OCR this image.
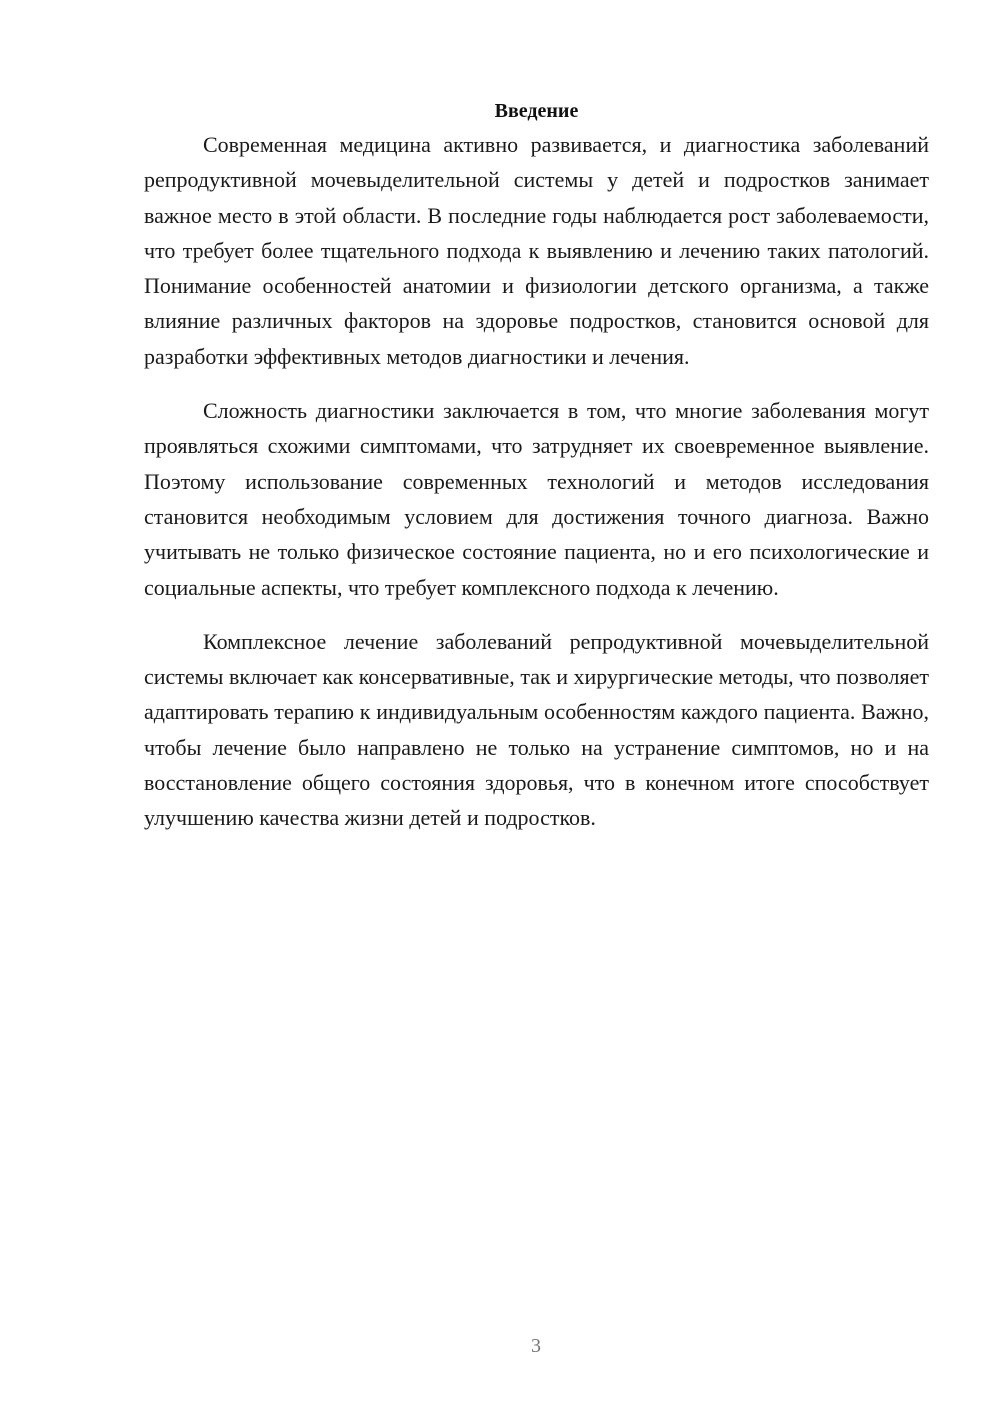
Введение

Современная медицина активно развивается, и диагностика заболеваний репродуктивной мочевыделительной системы у детей и подростков занимает важное место в этой области. В последние годы наблюдается рост заболеваемости, что требует более тщательного подхода к выявлению и лечению таких патологий. Понимание особенностей анатомии и физиологии детского организма, а также влияние различных факторов на здоровье подростков, становится основой для разработки эффективных методов диагностики и лечения.

Сложность диагностики заключается в том, что многие заболевания могут проявляться схожими симптомами, что затрудняет их своевременное выявление. Поэтому использование современных технологий и методов исследования становится необходимым условием для достижения точного диагноза. Важно учитывать не только физическое состояние пациента, но и его психологические и социальные аспекты, что требует комплексного подхода к лечению.

Комплексное лечение заболеваний репродуктивной мочевыделительной системы включает как консервативные, так и хирургические методы, что позволяет адаптировать терапию к индивидуальным особенностям каждого пациента. Важно, чтобы лечение было направлено не только на устранение симптомов, но и на восстановление общего состояния здоровья, что в конечном итоге способствует улучшению качества жизни детей и подростков.

3
